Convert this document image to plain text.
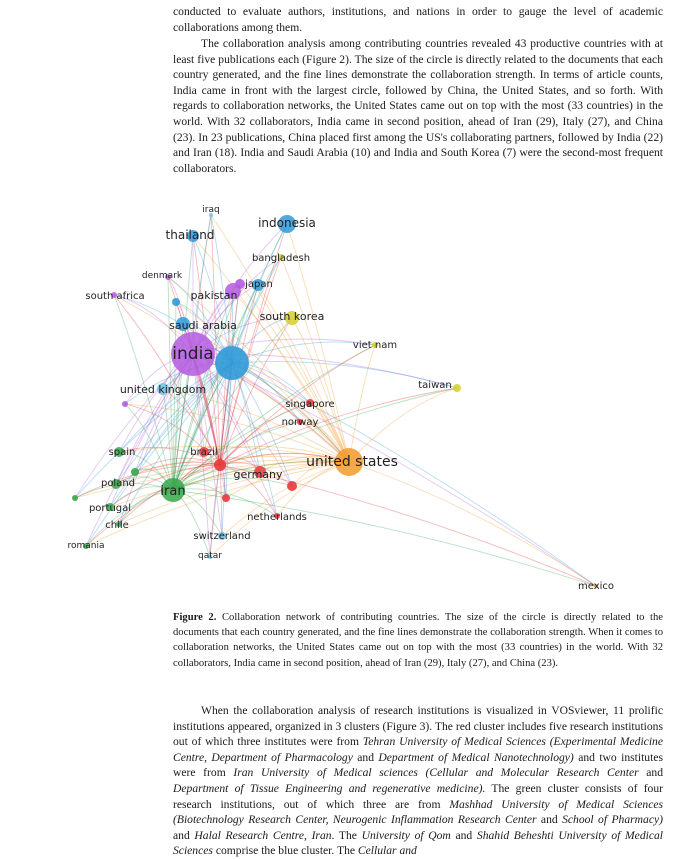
conducted to evaluate authors, institutions, and nations in order to gauge the level of academic collaborations among them.

The collaboration analysis among contributing countries revealed 43 productive countries with at least five publications each (Figure 2). The size of the circle is directly related to the documents that each country generated, and the fine lines demonstrate the collaboration strength. In terms of article counts, India came in front with the largest circle, followed by China, the United States, and so forth. With regards to collaboration networks, the United States came out on top with the most (33 countries) in the world. With 32 collaborators, India came in second position, ahead of Iran (29), Italy (27), and China (23). In 23 publications, China placed first among the US's collaborating partners, followed by India (22) and Iran (18). India and Saudi Arabia (10) and India and South Korea (7) were the second-most frequent collaborators.

iraq
indonesia
thailand
bangladesh
denmark
japan
south africa	pakistan
south korea
saudi arabia
india	viet nam
taiwan
united kingdom
singapore
norway
spain	brazil
united states
germany
poland
iran
portugal
netherlands
chile
switzerland
romania
qatar
mexico

Figure 2. Collaboration network of contributing countries. The size of the circle is directly related to the documents that each country generated, and the fine lines demonstrate the collaboration strength. When it comes to collaboration networks, the United States came out on top with the most (33 countries) in the world. With 32 collaborators, India came in second position, ahead of Iran (29), Italy (27), and China (23).

When the collaboration analysis of research institutions is visualized in VOSviewer, 11 prolific institutions appeared, organized in 3 clusters (Figure 3). The red cluster includes five research institutions out of which three institutes were from Tehran University of Medical Sciences (Experimental Medicine Centre, Department of Pharmacology and Department of Medical Nanotechnology) and two institutes were from Iran University of Medical sciences (Cellular and Molecular Research Center and Department of Tissue Engineering and regenerative medicine). The green cluster consists of four research institutions, out of which three are from Mashhad University of Medical Sciences (Biotechnology Research Center, Neurogenic Inflammation Research Center and School of Pharmacy) and Halal Research Centre, Iran. The University of Qom and Shahid Beheshti University of Medical Sciences comprise the blue cluster. The Cellular and
